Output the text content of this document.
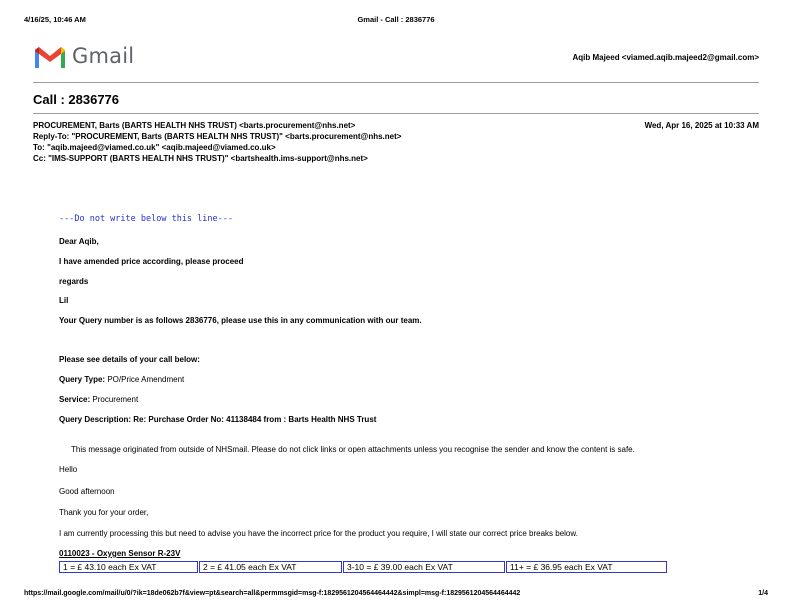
4/16/25, 10:46 AM	Gmail - Call : 2836776
Gmail	Aqib Majeed <viamed.aqib.majeed2@gmail.com>
Call : 2836776
PROCUREMENT, Barts (BARTS HEALTH NHS TRUST) <barts.procurement@nhs.net>	Wed, Apr 16, 2025 at 10:33 AM
Reply-To: "PROCUREMENT, Barts (BARTS HEALTH NHS TRUST)" <barts.procurement@nhs.net>
To: "aqib.majeed@viamed.co.uk" <aqib.majeed@viamed.co.uk>
Cc: "IMS-SUPPORT (BARTS HEALTH NHS TRUST)" <bartshealth.ims-support@nhs.net>
---Do not write below this line---
Dear Aqib,
I have amended price according, please proceed
regards
Lil
Your Query number is as follows 2836776, please use this in any communication with our team.
Please see details of your call below:
Query Type: PO/Price Amendment
Service: Procurement
Query Description: Re: Purchase Order No: 41138484 from : Barts Health NHS Trust
This message originated from outside of NHSmail. Please do not click links or open attachments unless you recognise the sender and know the content is safe.
Hello
Good afternoon
Thank you for your order,
I am currently processing this but need to advise you have the incorrect price for the product you require, I will state our correct price breaks below.
0110023 - Oxygen Sensor R-23V
1 = £ 43.10 each Ex VAT	2 = £ 41.05 each Ex VAT	3-10 = £ 39.00 each Ex VAT	11+ = £ 36.95 each Ex VAT
https://mail.google.com/mail/u/0/?ik=18de062b7f&view=pt&search=all&permmsgid=msg-f:1829561204564464442&simpl=msg-f:1829561204564464442	1/4
